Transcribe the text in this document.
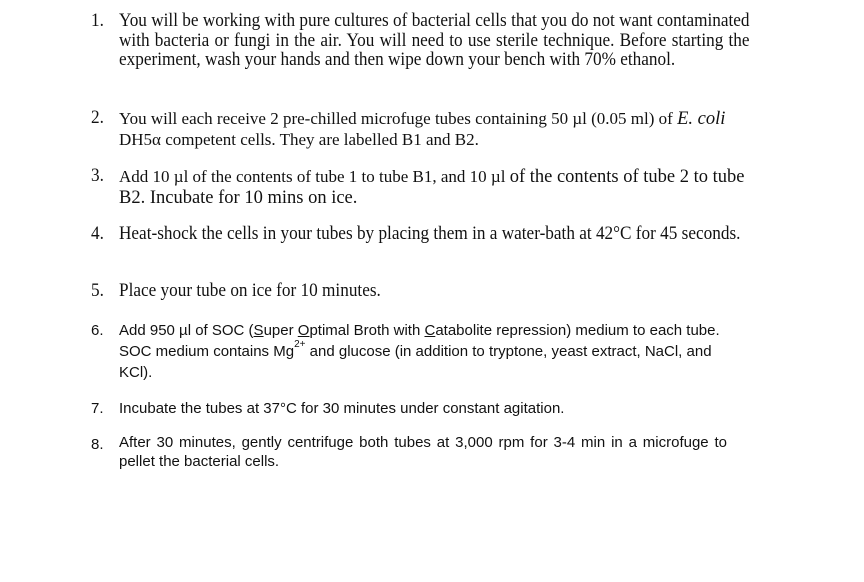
1. You will be working with pure cultures of bacterial cells that you do not want contaminated with bacteria or fungi in the air. You will need to use sterile technique. Before starting the experiment, wash your hands and then wipe down your bench with 70% ethanol.
2. You will each receive 2 pre-chilled microfuge tubes containing 50 µl (0.05 ml) of E. coli DH5α competent cells. They are labelled B1 and B2.
3. Add 10 µl of the contents of tube 1 to tube B1, and 10 µl of the contents of tube 2 to tube B2. Incubate for 10 mins on ice.
4. Heat-shock the cells in your tubes by placing them in a water-bath at 42°C for 45 seconds.
5. Place your tube on ice for 10 minutes.
6.	Add 950 µl of SOC (Super Optimal Broth with Catabolite repression) medium to each tube. SOC medium contains $Mg^{2+}$ and glucose (in addition to tryptone, yeast extract, NaCl, and KCl).
7.	Incubate the tubes at 37°C for 30 minutes under constant agitation.
8.	After 30 minutes, gently centrifuge both tubes at 3,000 rpm for 3-4 min in a microfuge to pellet the bacterial cells.
